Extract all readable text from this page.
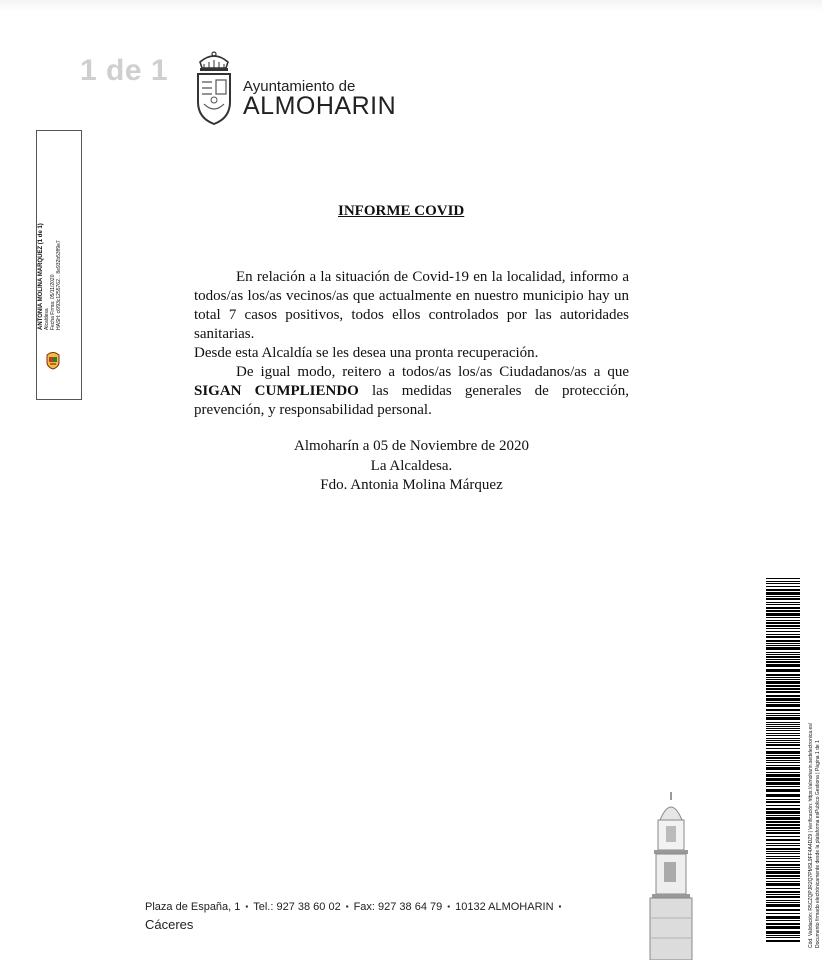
1 de 1	Ayuntamiento de
ALMOHARIN
ANTONIA MOLINA MARQUEZ (1 de 1) Alcaldesa Fecha Firma: 05/11/2020 HASH: c6f93c1255762... 8e932b53ff9e7
INFORME COVID

En relación a la situación de Covid-19 en la localidad, informo a todos/as los/as vecinos/as que actualmente en nuestro municipio hay un total 7 casos positivos, todos ellos controlados por las autoridades sanitarias.

Desde esta Alcaldía se les desea una pronta recuperación.

De igual modo, reitero a todos/as los/as Ciudadanos/as a que SIGAN CUMPLIENDO las medidas generales de protección, prevención, y responsabilidad personal.

Almoharín a 05 de Noviembre de 2020
La Alcaldesa.
Fdo. Antonia Molina Márquez
Plaza de España, 1 ▪ Tel.: 927 38 60 02 ▪ Fax: 927 38 64 79 ▪ 10132 ALMOHARIN ▪
Cáceres	Cód. Validación: R5CZQPJR2Q7PMSL9FF4A4DZ9 | Verificación: https://almoharin.sedelectronica.es/ Documento firmado electrónicamente desde la plataforma esPublico Gestiona | Página 1 de 1
